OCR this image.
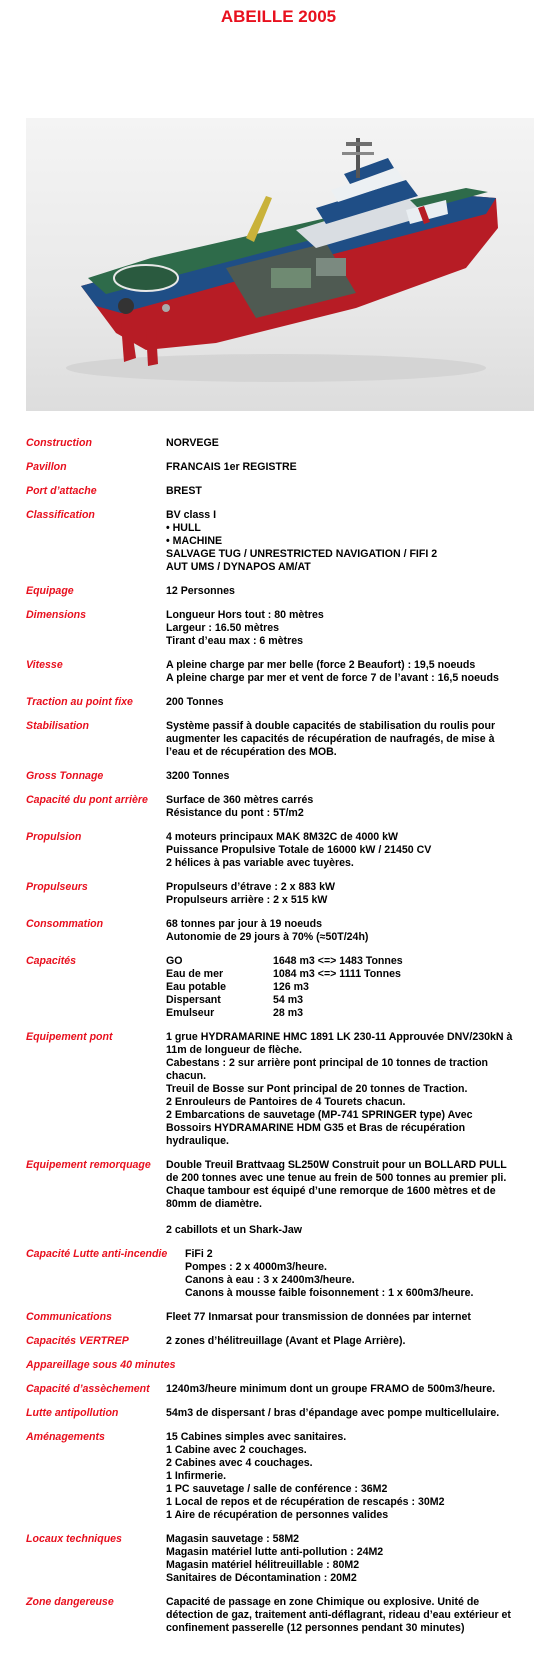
ABEILLE 2005
Construction	NORVEGE
Pavillon	FRANCAIS 1er REGISTRE
Port d’attache	BREST
Classification	BV class I
• HULL
• MACHINE
SALVAGE TUG / UNRESTRICTED NAVIGATION / FIFI 2
AUT UMS / DYNAPOS AM/AT
Equipage	12 Personnes
Dimensions	Longueur Hors tout : 80 mètres
Largeur : 16.50 mètres
Tirant d’eau max : 6 mètres
Vitesse	A pleine charge par mer belle (force 2 Beaufort) : 19,5 noeuds
A pleine charge par mer et vent de force 7 de l’avant : 16,5 noeuds
Traction au point fixe	200 Tonnes
Stabilisation	Système passif à double capacités de stabilisation du roulis pour
augmenter les capacités de récupération de naufragés, de mise à
l’eau et de récupération des MOB.
Gross Tonnage	3200 Tonnes
Capacité du pont arrière	Surface de 360 mètres carrés
Résistance du pont : 5T/m2
Propulsion	4 moteurs principaux MAK 8M32C de 4000 kW
Puissance Propulsive Totale de 16000 kW / 21450 CV
2 hélices à pas variable avec tuyères.
Propulseurs	Propulseurs d’étrave : 2 x 883 kW
Propulseurs arrière : 2 x 515 kW
Consommation	68 tonnes par jour à 19 noeuds
Autonomie de 29 jours à 70% (≈50T/24h)
Capacités	GO	1648 m3 <=> 1483 Tonnes
Eau de mer	1084 m3 <=> 1111 Tonnes
Eau potable	126 m3
Dispersant	54 m3
Emulseur	28 m3
Equipement pont	1 grue HYDRAMARINE HMC 1891 LK 230-11 Approuvée DNV/230kN à
11m de longueur de flèche.
Cabestans : 2 sur arrière pont principal de 10 tonnes de traction
chacun.
Treuil de Bosse sur Pont principal de 20 tonnes de Traction.
2 Enrouleurs de Pantoires de 4 Tourets chacun.
2 Embarcations de sauvetage (MP-741 SPRINGER type) Avec
Bossoirs HYDRAMARINE HDM G35 et Bras de récupération
hydraulique.
Equipement remorquage	Double Treuil Brattvaag SL250W Construit pour un BOLLARD PULL
de 200 tonnes avec une tenue au frein de 500 tonnes au premier pli.
Chaque tambour est équipé d’une remorque de 1600 mètres et de
80mm de diamètre.

2 cabillots et un Shark-Jaw
Capacité Lutte anti-incendie	FiFi 2
Pompes : 2 x 4000m3/heure.
Canons à eau : 3 x 2400m3/heure.
Canons à mousse faible foisonnement : 1 x 600m3/heure.
Communications	Fleet 77 Inmarsat pour transmission de données par internet
Capacités VERTREP	2 zones d’hélitreuillage (Avant et Plage Arrière).
Appareillage sous 40 minutes
Capacité d’assèchement	1240m3/heure minimum dont un groupe FRAMO de 500m3/heure.
Lutte antipollution	54m3 de dispersant / bras d’épandage avec pompe multicellulaire.
Aménagements	15 Cabines simples avec sanitaires.
1 Cabine avec 2 couchages.
2 Cabines avec 4 couchages.
1 Infirmerie.
1 PC sauvetage / salle de conférence : 36M2
1 Local de repos et de récupération de rescapés : 30M2
1 Aire de récupération de personnes valides
Locaux techniques	Magasin sauvetage : 58M2
Magasin matériel lutte anti-pollution : 24M2
Magasin matériel hélitreuillable : 80M2
Sanitaires de Décontamination : 20M2
Zone dangereuse	Capacité de passage en zone Chimique ou explosive. Unité de
détection de gaz, traitement anti-déflagrant, rideau d’eau extérieur et
confinement passerelle (12 personnes pendant 30 minutes)
